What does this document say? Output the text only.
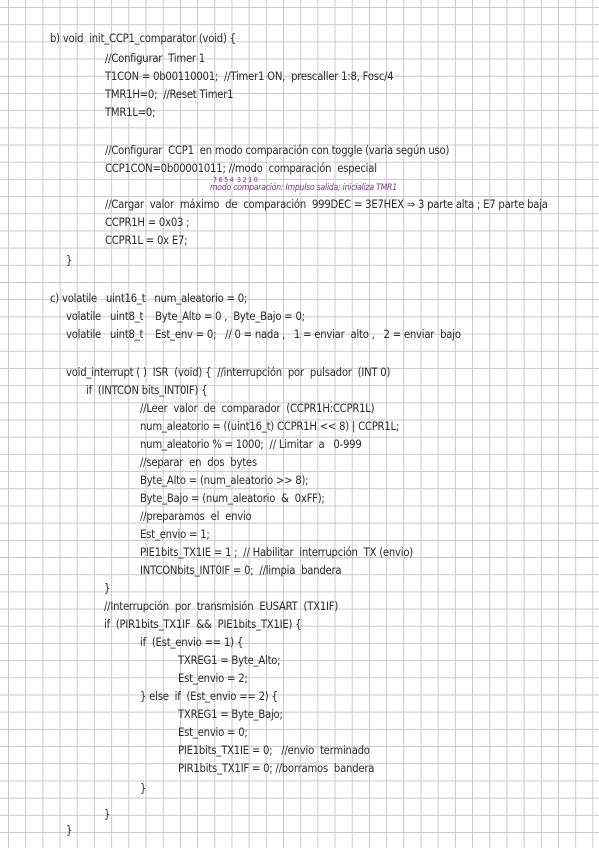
b) void  init_CCP1_comparator (void) {
//Configurar  Timer 1
T1CON = 0b00110001;  //Timer1 ON,  prescaller 1:8, Fosc/4
TMR1H=0;  //Reset Timer1
TMR1L=0;
//Configurar  CCP1  en modo comparación con toggle (varia según uso)
CCP1CON=0b00001011; //modo  comparación  especial
7 6 5 4  3 2 1 0
modo comparación: Impulso salida; inicializa TMR1
//Cargar  valor  máximo  de  comparación  999DEC = 3E7HEX ⇒ 3 parte alta ; E7 parte baja
CCPR1H = 0x03 ;
CCPR1L = 0x E7;
}
c) volatile   uint16_t   num_aleatorio = 0;
volatile   uint8_t    Byte_Alto = 0 ,  Byte_Bajo = 0;
volatile   uint8_t    Est_env = 0;   // 0 = nada ,   1 = enviar  alto ,   2 = enviar  bajo
void_interrupt ( )  ISR  (void) {  //interrupción  por  pulsador  (INT 0)
if  (INTCON bits_INT0IF) {
//Leer  valor  de  comparador  (CCPR1H:CCPR1L)
num_aleatorio = ((uint16_t) CCPR1H << 8) | CCPR1L;
num_aleatorio % = 1000;  // Limitar  a   0-999
//separar  en  dos  bytes
Byte_Alto = (num_aleatorio >> 8);
Byte_Bajo = (num_aleatorio  &  0xFF);
//preparamos  el  envio
Est_envio = 1;
PIE1bits_TX1IE = 1 ;  // Habilitar  interrupción  TX (envio)
INTCONbits_INT0IF = 0;  //limpia  bandera
}
//Interrupción  por  transmisión  EUSART  (TX1IF)
if  (PIR1bits_TX1IF  &&  PIE1bits_TX1IE) {
if  (Est_envio == 1) {
TXREG1 = Byte_Alto;
Est_envio = 2;
} else  if  (Est_envio == 2) {
TXREG1 = Byte_Bajo;
Est_envio = 0;
PIE1bits_TX1IE = 0;   //envio  terminado
PIR1bits_TX1IF = 0; //borramos  bandera
}
}
}
